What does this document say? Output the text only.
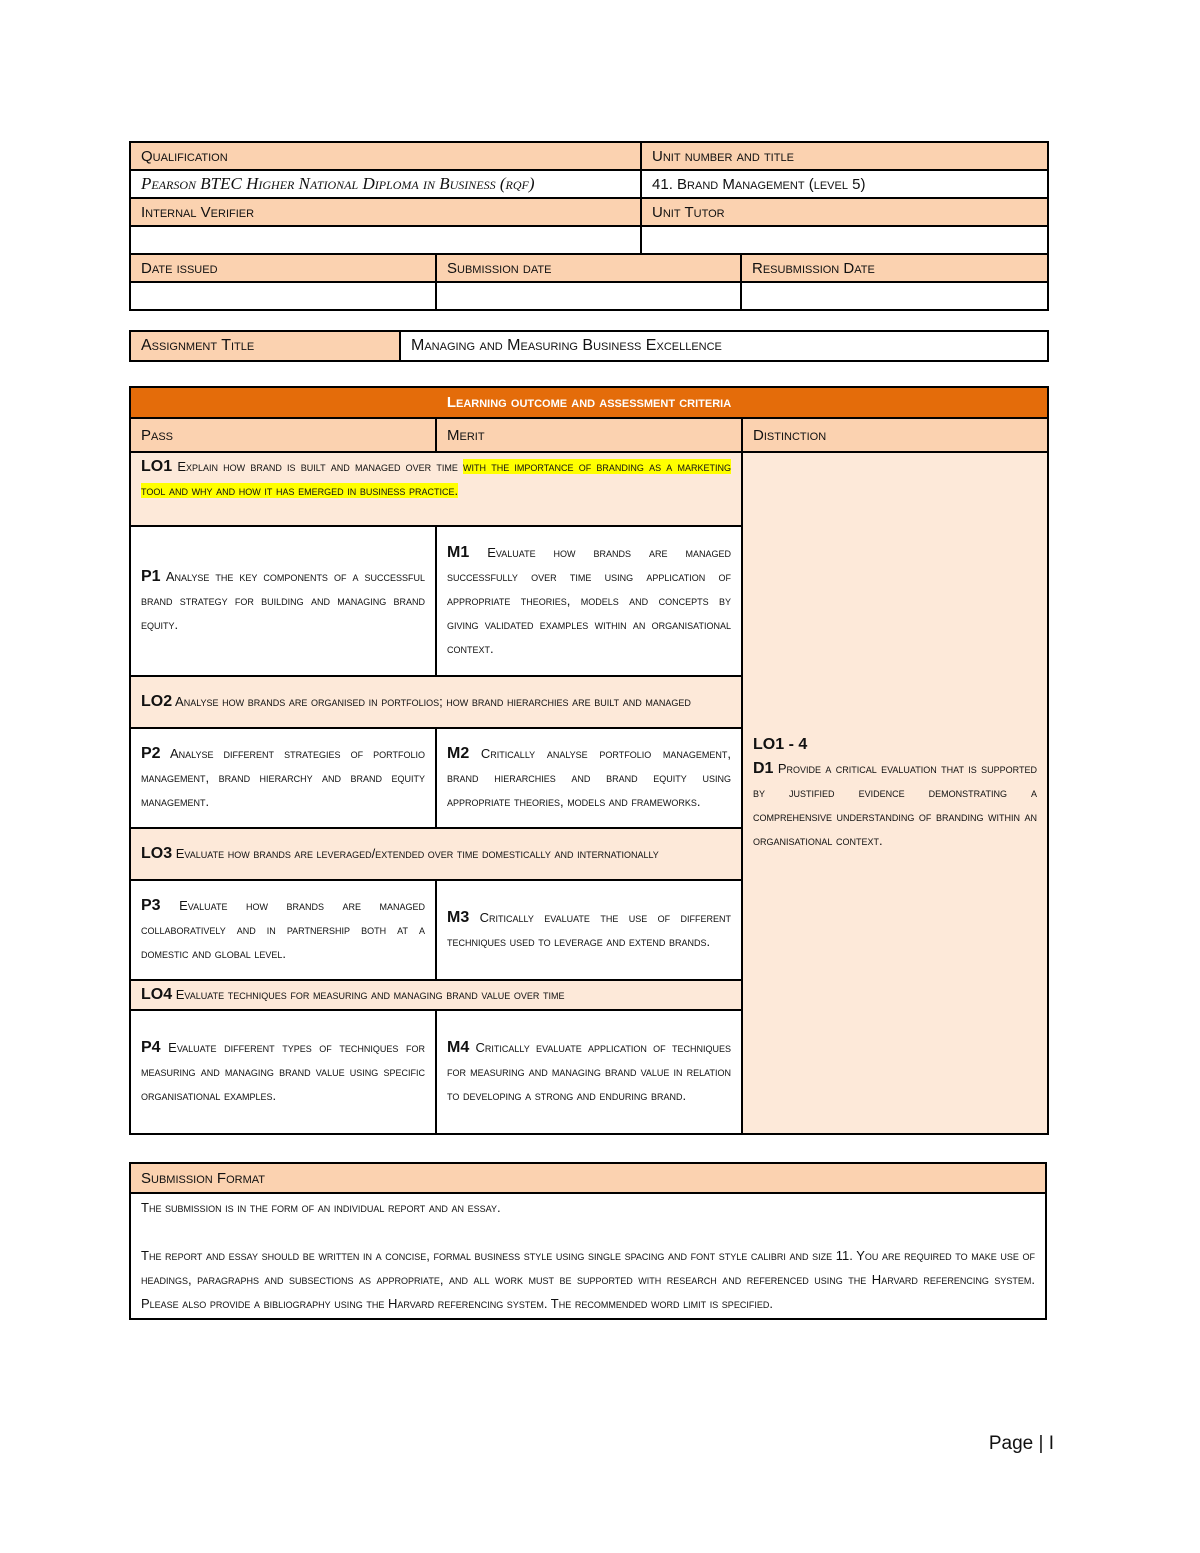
Qualification		Unit number and title	
Pearson BTEC Higher National Diploma in Business (rqf)		41. Brand Management (level 5)	
Internal Verifier		Unit Tutor	

Date issued	Submission date		Resubmission Date

Assignment Title	Managing and Measuring Business Excellence
Learning outcome and assessment criteria		
Pass	Merit	Distinction
LO1 Explain how brand is built and managed over time with the importance of branding as a marketing tool and why and how it has emerged in business practice.		LO1 - 4
D1 Provide a critical evaluation that is supported by justified evidence demonstrating a comprehensive understanding of branding within an organisational context.

P1 Analyse the key components of a successful brand strategy for building and managing brand equity.	M1 Evaluate how brands are managed successfully over time using application of appropriate theories, models and concepts by giving validated examples within an organisational context.	
LO2 Analyse how brands are organised in portfolios; how brand hierarchies are built and managed		
P2 Analyse different strategies of portfolio management, brand hierarchy and brand equity management.	M2 Critically analyse portfolio management, brand hierarchies and brand equity using appropriate theories, models and frameworks.	
LO3 Evaluate how brands are leveraged/extended over time domestically and internationally		
P3 Evaluate how brands are managed collaboratively and in partnership both at a domestic and global level.	M3 Critically evaluate the use of different techniques used to leverage and extend brands.	
LO4 Evaluate techniques for measuring and managing brand value over time		
P4 Evaluate different types of techniques for measuring and managing brand value using specific organisational examples.	M4 Critically evaluate application of techniques for measuring and managing brand value in relation to developing a strong and enduring brand.	
Submission Format

The submission is in the form of an individual report and an essay.
The report and essay should be written in a concise, formal business style using single spacing and font style calibri and size 11. You are required to make use of headings, paragraphs and subsections as appropriate, and all work must be supported with research and referenced using the Harvard referencing system. Please also provide a bibliography using the Harvard referencing system. The recommended word limit is specified.
Page | I
